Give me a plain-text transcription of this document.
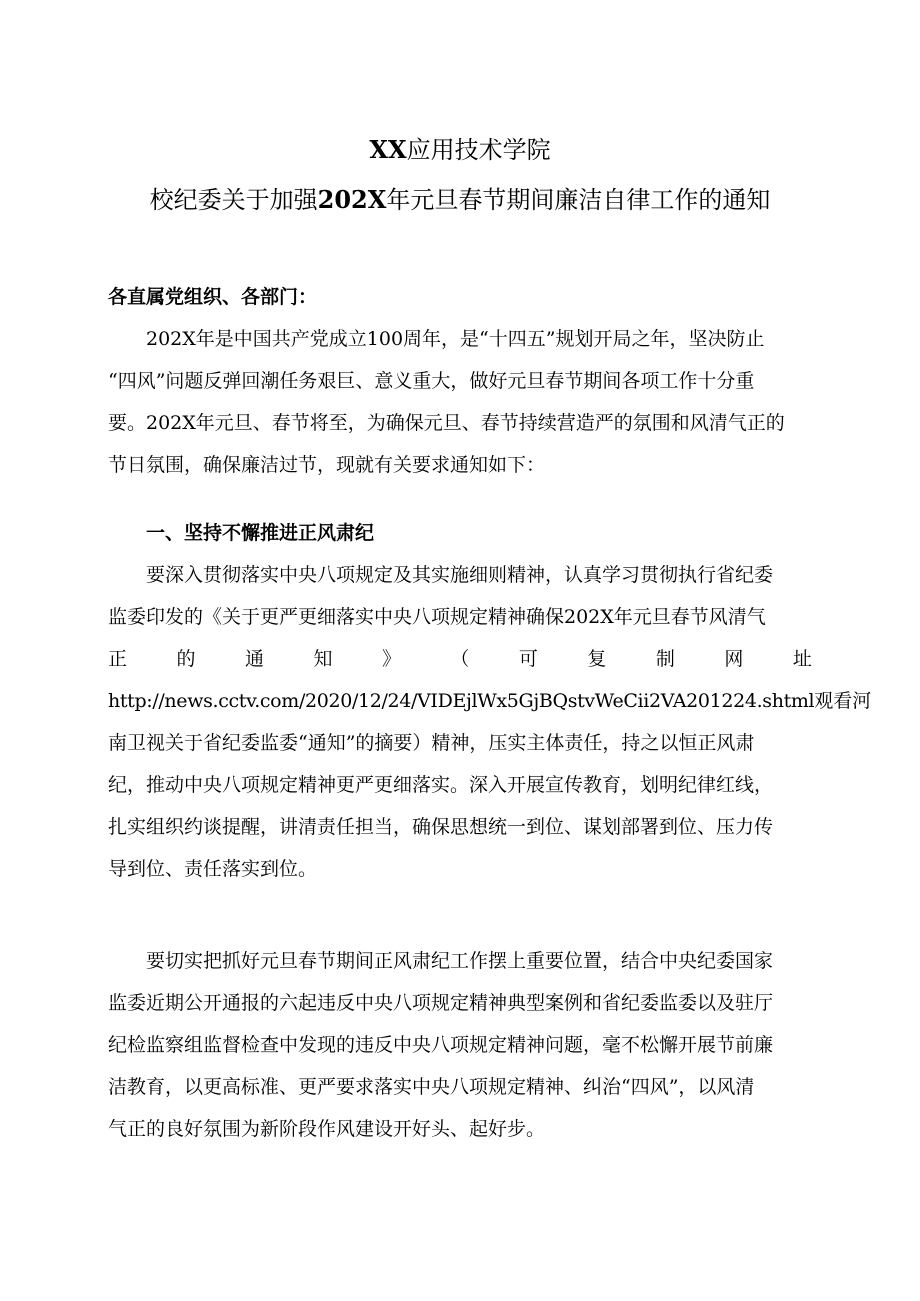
XX应用技术学院
校纪委关于加强202X年元旦春节期间廉洁自律工作的通知
各直属党组织、各部门：
202X年是中国共产党成立100周年，是“十四五”规划开局之年，坚决防止
“四风”问题反弹回潮任务艰巨、意义重大，做好元旦春节期间各项工作十分重
要。202X年元旦、春节将至，为确保元旦、春节持续营造严的氛围和风清气正的
节日氛围，确保廉洁过节，现就有关要求通知如下：
一、坚持不懈推进正风肃纪
要深入贯彻落实中央八项规定及其实施细则精神，认真学习贯彻执行省纪委
监委印发的《关于更严更细落实中央八项规定精神确保202X年元旦春节风清气
正	的	通	知	》	（	可	复	制	网	址
http://news.cctv.com/2020/12/24/VIDEjlWx5GjBQstvWeCii2VA201224.shtml观看河
南卫视关于省纪委监委“通知”的摘要）精神，压实主体责任，持之以恒正风肃
纪，推动中央八项规定精神更严更细落实。深入开展宣传教育，划明纪律红线，
扎实组织约谈提醒，讲清责任担当，确保思想统一到位、谋划部署到位、压力传
导到位、责任落实到位。
要切实把抓好元旦春节期间正风肃纪工作摆上重要位置，结合中央纪委国家
监委近期公开通报的六起违反中央八项规定精神典型案例和省纪委监委以及驻厅
纪检监察组监督检查中发现的违反中央八项规定精神问题，毫不松懈开展节前廉
洁教育，以更高标准、更严要求落实中央八项规定精神、纠治“四风”，以风清
气正的良好氛围为新阶段作风建设开好头、起好步。
